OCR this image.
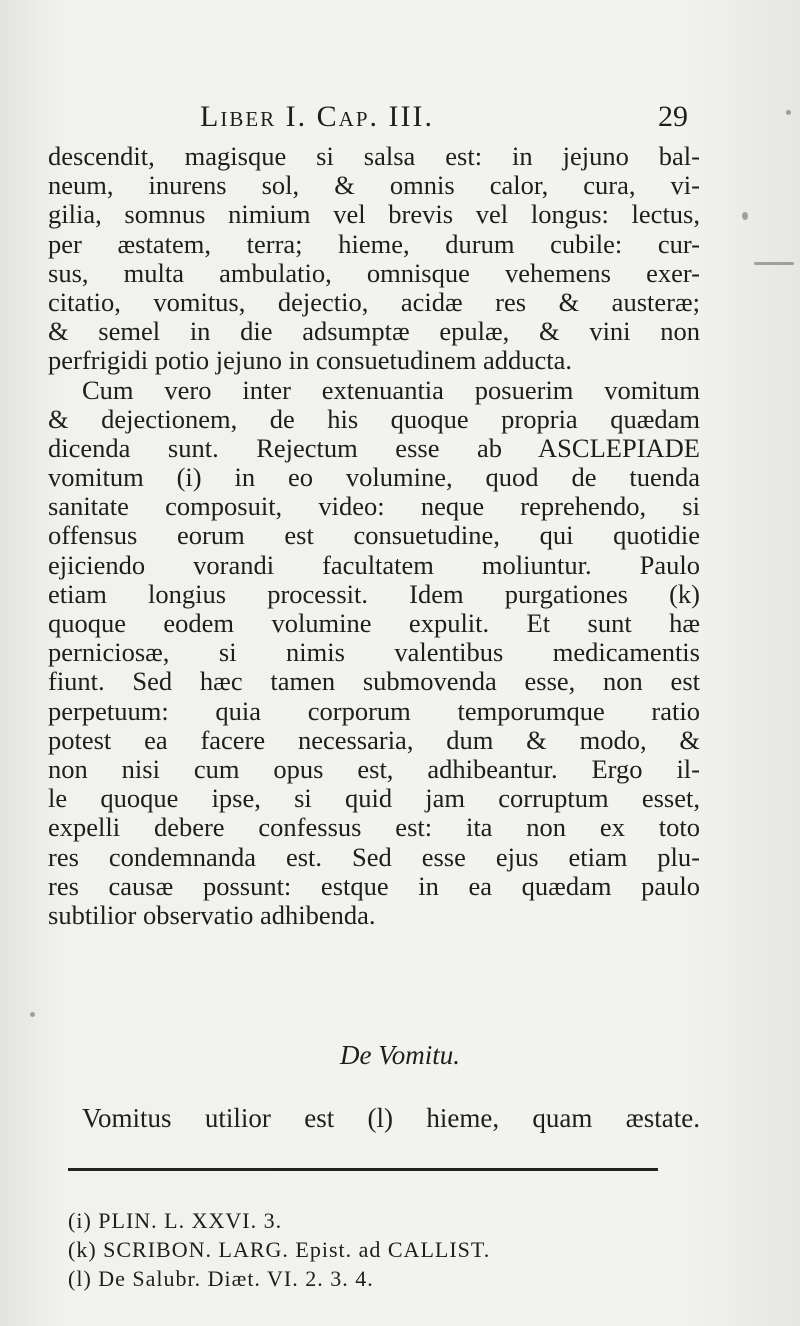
Liber I. Cap. III.	29
descendit, magisque si salsa est: in jejuno bal-
neum, inurens sol, & omnis calor, cura, vi-
gilia, somnus nimium vel brevis vel longus: lectus,
per æstatem, terra; hieme, durum cubile: cur-
sus, multa ambulatio, omnisque vehemens exer-
citatio, vomitus, dejectio, acidæ res & austeræ;
& semel in die adsumptæ epulæ, & vini non
perfrigidi potio jejuno in consuetudinem adducta.
Cum vero inter extenuantia posuerim vomitum
& dejectionem, de his quoque propria quædam
dicenda sunt. Rejectum esse ab ASCLEPIADE
vomitum (i) in eo volumine, quod de tuenda
sanitate composuit, video: neque reprehendo, si
offensus eorum est consuetudine, qui quotidie
ejiciendo vorandi facultatem moliuntur. Paulo
etiam longius processit. Idem purgationes (k)
quoque eodem volumine expulit. Et sunt hæ
perniciosæ, si nimis valentibus medicamentis
fiunt. Sed hæc tamen submovenda esse, non est
perpetuum: quia corporum temporumque ratio
potest ea facere necessaria, dum & modo, &
non nisi cum opus est, adhibeantur. Ergo il-
le quoque ipse, si quid jam corruptum esset,
expelli debere confessus est: ita non ex toto
res condemnanda est. Sed esse ejus etiam plu-
res causæ possunt: estque in ea quædam paulo
subtilior observatio adhibenda.
De Vomitu.
Vomitus utilior est (l) hieme, quam æstate.
(i) PLIN. L. XXVI. 3.
(k) SCRIBON. LARG. Epist. ad CALLIST.
(l) De Salubr. Diæt. VI. 2. 3. 4.
